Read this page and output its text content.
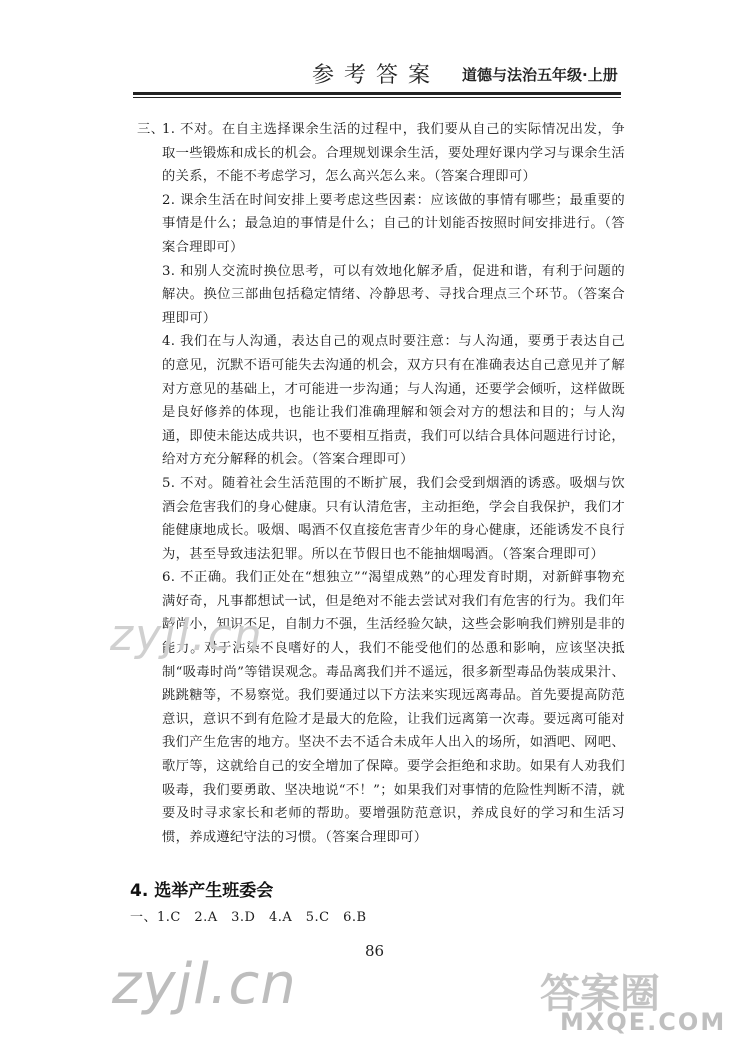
参考答案 道德与法治五年级·上册
三、
1. 不对。在自主选择课余生活的过程中，我们要从自己的实际情况出发，争取一些锻炼和成长的机会。合理规划课余生活，要处理好课内学习与课余生活的关系，不能不考虑学习，怎么高兴怎么来。（答案合理即可）
2. 课余生活在时间安排上要考虑这些因素：应该做的事情有哪些；最重要的事情是什么；最急迫的事情是什么；自己的计划能否按照时间安排进行。（答案合理即可）
3. 和别人交流时换位思考，可以有效地化解矛盾，促进和谐，有利于问题的解决。换位三部曲包括稳定情绪、冷静思考、寻找合理点三个环节。（答案合理即可）
4. 我们在与人沟通，表达自己的观点时要注意：与人沟通，要勇于表达自己的意见，沉默不语可能失去沟通的机会，双方只有在准确表达自己意见并了解对方意见的基础上，才可能进一步沟通；与人沟通，还要学会倾听，这样做既是良好修养的体现，也能让我们准确理解和领会对方的想法和目的；与人沟通，即使未能达成共识，也不要相互指责，我们可以结合具体问题进行讨论，给对方充分解释的机会。（答案合理即可）
5. 不对。随着社会生活范围的不断扩展，我们会受到烟酒的诱惑。吸烟与饮酒会危害我们的身心健康。只有认清危害，主动拒绝，学会自我保护，我们才能健康地成长。吸烟、喝酒不仅直接危害青少年的身心健康，还能诱发不良行为，甚至导致违法犯罪。所以在节假日也不能抽烟喝酒。（答案合理即可）
6. 不正确。我们正处在“想独立”“渴望成熟”的心理发育时期，对新鲜事物充满好奇，凡事都想试一试，但是绝对不能去尝试对我们有危害的行为。我们年龄尚小，知识不足，自制力不强，生活经验欠缺，这些会影响我们辨别是非的能力。对于沾染不良嗜好的人，我们不能受他们的怂恿和影响，应该坚决抵制“吸毒时尚”等错误观念。毒品离我们并不遥远，很多新型毒品伪装成果汁、跳跳糖等，不易察觉。我们要通过以下方法来实现远离毒品。首先要提高防范意识，意识不到有危险才是最大的危险，让我们远离第一次毒。要远离可能对我们产生危害的地方。坚决不去不适合未成年人出入的场所，如酒吧、网吧、歌厅等，这就给自己的安全增加了保障。要学会拒绝和求助。如果有人劝我们吸毒，我们要勇敢、坚决地说“不！”；如果我们对事情的危险性判断不清，就要及时寻求家长和老师的帮助。要增强防范意识，养成良好的学习和生活习惯，养成遵纪守法的习惯。（答案合理即可）
4. 选举产生班委会
一、1.C　2.A　3.D　4.A　5.C　6.B
86
zyjl.cn
zyjl.cn	答案圈
MXQE.COM
